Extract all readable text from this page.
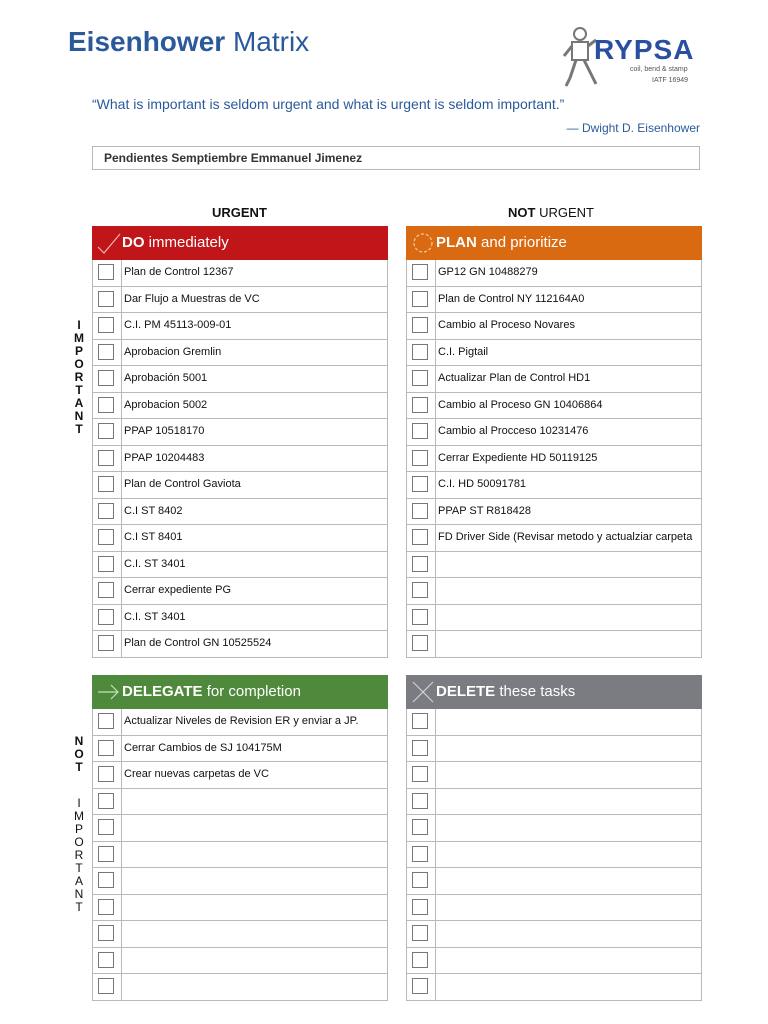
Eisenhower Matrix	RYPSA
coil, bend & stamp
IATF 16949
“What is important is seldom urgent and what is urgent is seldom important.”
— Dwight D. Eisenhower
Pendientes Semptiembre Emmanuel Jimenez
URGENT	NOT URGENT
I
M
P
O
R
T
A
N
T
N
O
T
I
M
P
O
R
T
A
N
T
DO immediately
Plan de Control 12367
Dar Flujo a Muestras de VC
C.I. PM 45113-009-01
Aprobacion Gremlin
Aprobación 5001
Aprobacion 5002
PPAP 10518170
PPAP 10204483
Plan de Control Gaviota
C.I ST 8402
C.I ST 8401
C.I. ST 3401
Cerrar expediente PG
C.I. ST 3401
Plan de Control GN 10525524
PLAN and prioritize
GP12 GN 10488279
Plan de Control NY 112164A0
Cambio al Proceso Novares
C.I. Pigtail
Actualizar Plan de Control HD1
Cambio al Proceso GN 10406864
Cambio al Procceso 10231476
Cerrar Expediente HD 50119125
C.I. HD 50091781
PPAP ST R818428
FD Driver Side (Revisar metodo y actualziar carpeta
DELEGATE for completion
Actualizar Niveles de Revision ER y enviar a JP.
Cerrar Cambios de SJ 104175M
Crear nuevas carpetas de VC
DELETE these tasks
